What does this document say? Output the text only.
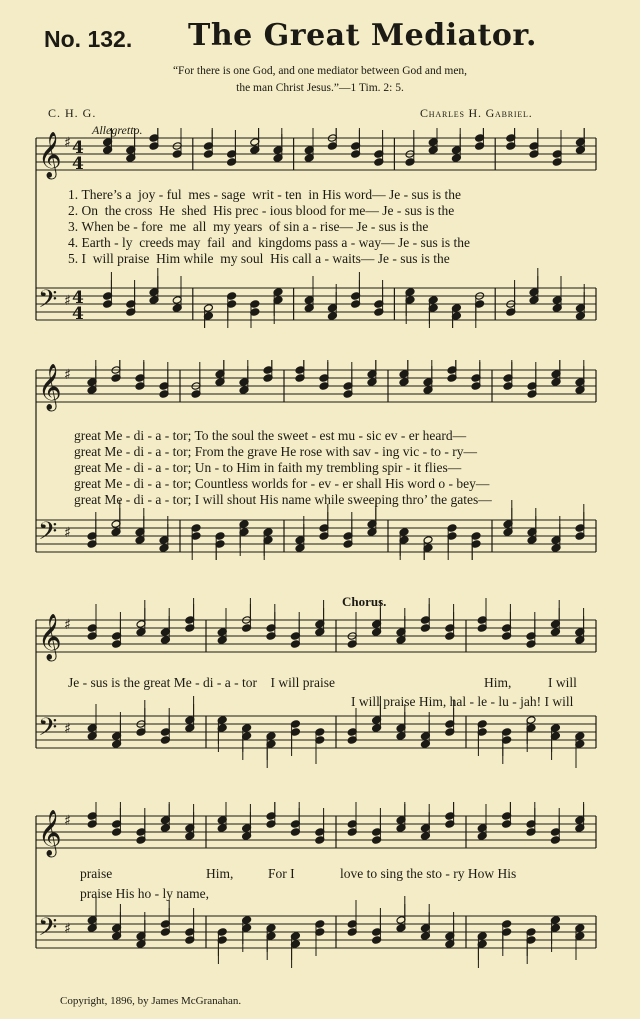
No. 132. The Great Mediator.
“For there is one God, and one mediator between God and men,
the man Christ Jesus.”—1 Tim. 2: 5.
C. H. G.	Charles H. Gabriel.
Allegretto.
𝄞
𝄢
♯
♯
4
4
4
4
𝄞
𝄢
♯
♯
𝄞
𝄢
♯
♯
𝄞
𝄢
♯
♯
1. There’s a joy - ful mes - sage writ - ten in His word— Je - sus is the
2. On the cross He shed His prec - ious blood for me— Je - sus is the
3. When be - fore me all my years of sin a - rise— Je - sus is the
4. Earth - ly creeds may fail and kingdoms pass a - way— Je - sus is the
5. I will praise Him while my soul His call a - waits— Je - sus is the
great Me - di - a - tor; To the soul the sweet - est mu - sic ev - er heard—
great Me - di - a - tor; From the grave He rose with sav - ing vic - to - ry—
great Me - di - a - tor; Un - to Him in faith my trembling spir - it flies—
great Me - di - a - tor; Countless worlds for - ev - er shall His word o - bey—
great Me - di - a - tor; I will shout His name while sweeping thro’ the gates—
Chorus.
Je - sus is the great Me - di - a - tor I will praise	Him,	I will
I will praise Him, hal - le - lu - jah! I will
praise	Him,	For I	love to sing the sto - ry How His
praise His ho - ly name,
Copyright, 1896, by James McGranahan.
